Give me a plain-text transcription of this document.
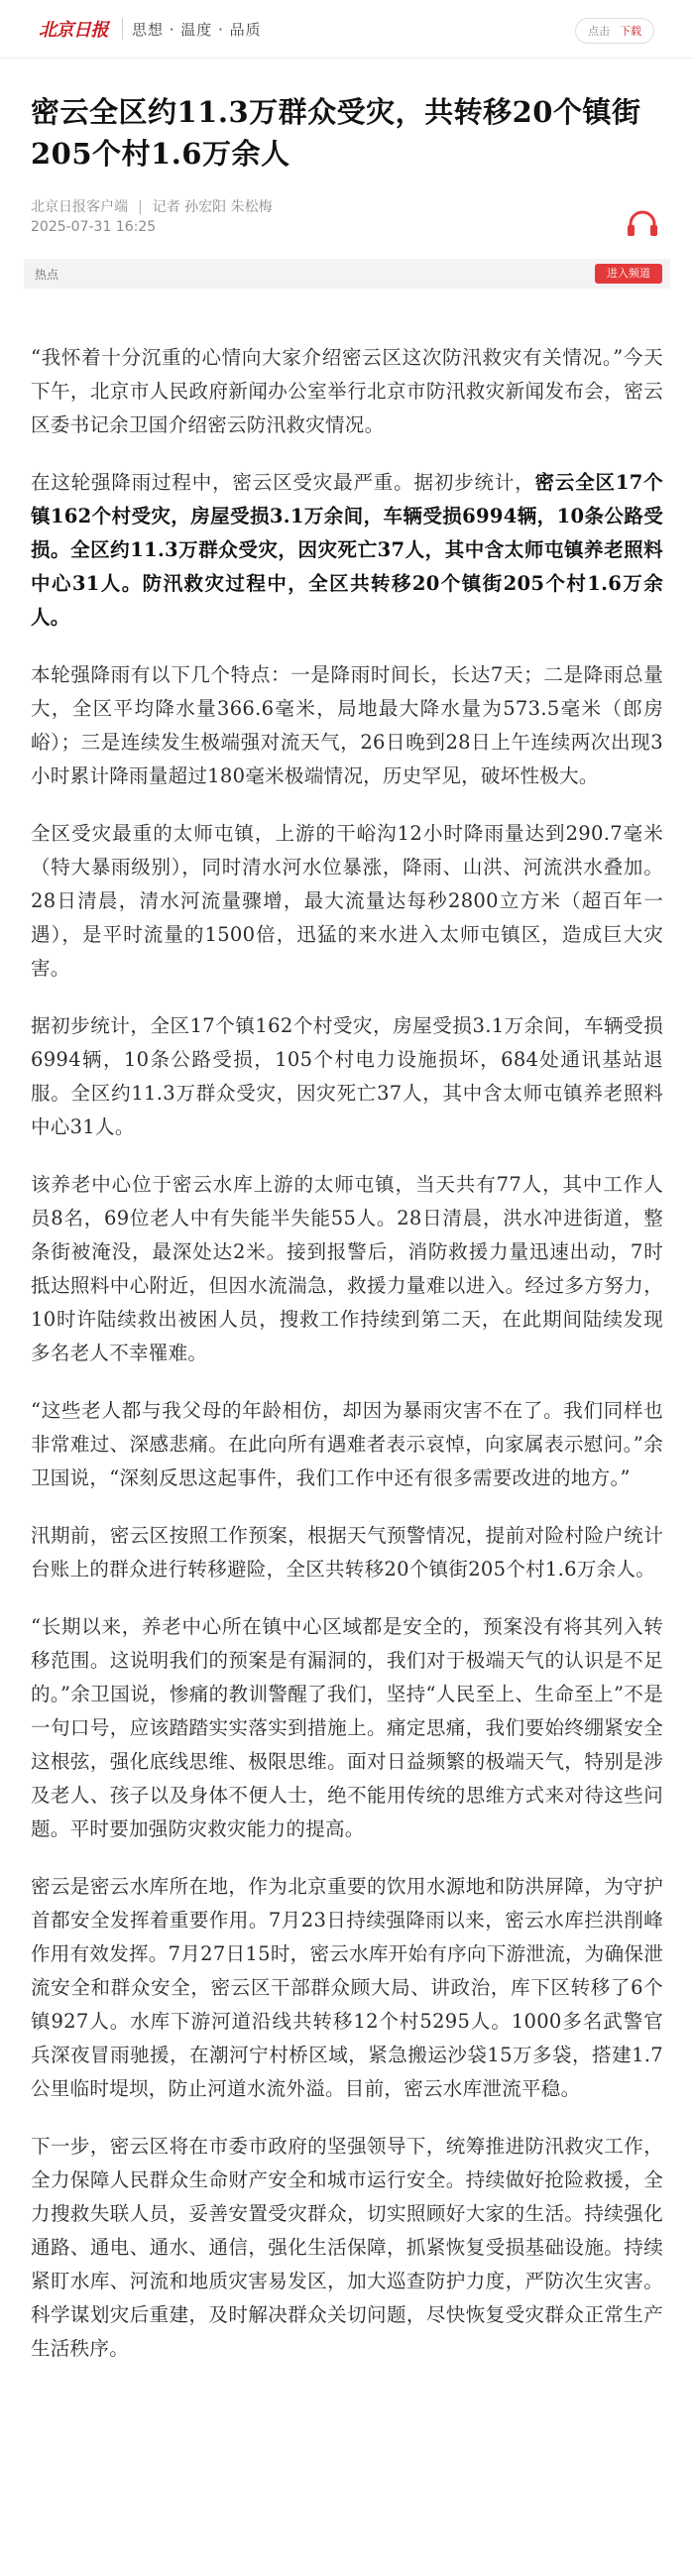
北京日报 思想 · 温度 · 品质	点击 下载
密云全区约11.3万群众受灾，共转移20个镇街205个村1.6万余人
北京日报客户端 | 记者 孙宏阳 朱松梅
2025-07-31 16:25
热点	进入频道

“我怀着十分沉重的心情向大家介绍密云区这次防汛救灾有关情况。”今天下午，北京市人民政府新闻办公室举行北京市防汛救灾新闻发布会，密云区委书记余卫国介绍密云防汛救灾情况。

在这轮强降雨过程中，密云区受灾最严重。据初步统计，密云全区17个镇162个村受灾，房屋受损3.1万余间，车辆受损6994辆，10条公路受损。全区约11.3万群众受灾，因灾死亡37人，其中含太师屯镇养老照料中心31人。防汛救灾过程中，全区共转移20个镇街205个村1.6万余人。

本轮强降雨有以下几个特点：一是降雨时间长，长达7天；二是降雨总量大，全区平均降水量366.6毫米，局地最大降水量为573.5毫米（郎房峪）；三是连续发生极端强对流天气，26日晚到28日上午连续两次出现3小时累计降雨量超过180毫米极端情况，历史罕见，破坏性极大。

全区受灾最重的太师屯镇，上游的干峪沟12小时降雨量达到290.7毫米（特大暴雨级别），同时清水河水位暴涨，降雨、山洪、河流洪水叠加。28日清晨，清水河流量骤增，最大流量达每秒2800立方米（超百年一遇），是平时流量的1500倍，迅猛的来水进入太师屯镇区，造成巨大灾害。

据初步统计，全区17个镇162个村受灾，房屋受损3.1万余间，车辆受损6994辆，10条公路受损，105个村电力设施损坏，684处通讯基站退服。全区约11.3万群众受灾，因灾死亡37人，其中含太师屯镇养老照料中心31人。

该养老中心位于密云水库上游的太师屯镇，当天共有77人，其中工作人员8名，69位老人中有失能半失能55人。28日清晨，洪水冲进街道，整条街被淹没，最深处达2米。接到报警后，消防救援力量迅速出动，7时抵达照料中心附近，但因水流湍急，救援力量难以进入。经过多方努力，10时许陆续救出被困人员，搜救工作持续到第二天，在此期间陆续发现多名老人不幸罹难。

“这些老人都与我父母的年龄相仿，却因为暴雨灾害不在了。我们同样也非常难过、深感悲痛。在此向所有遇难者表示哀悼，向家属表示慰问。”余卫国说，“深刻反思这起事件，我们工作中还有很多需要改进的地方。”

汛期前，密云区按照工作预案，根据天气预警情况，提前对险村险户统计台账上的群众进行转移避险，全区共转移20个镇街205个村1.6万余人。

“长期以来，养老中心所在镇中心区域都是安全的，预案没有将其列入转移范围。这说明我们的预案是有漏洞的，我们对于极端天气的认识是不足的。”余卫国说，惨痛的教训警醒了我们，坚持“人民至上、生命至上”不是一句口号，应该踏踏实实落实到措施上。痛定思痛，我们要始终绷紧安全这根弦，强化底线思维、极限思维。面对日益频繁的极端天气，特别是涉及老人、孩子以及身体不便人士，绝不能用传统的思维方式来对待这些问题。平时要加强防灾救灾能力的提高。

密云是密云水库所在地，作为北京重要的饮用水源地和防洪屏障，为守护首都安全发挥着重要作用。7月23日持续强降雨以来，密云水库拦洪削峰作用有效发挥。7月27日15时，密云水库开始有序向下游泄流，为确保泄流安全和群众安全，密云区干部群众顾大局、讲政治，库下区转移了6个镇927人。水库下游河道沿线共转移12个村5295人。1000多名武警官兵深夜冒雨驰援，在潮河宁村桥区域，紧急搬运沙袋15万多袋，搭建1.7公里临时堤坝，防止河道水流外溢。目前，密云水库泄流平稳。

下一步，密云区将在市委市政府的坚强领导下，统筹推进防汛救灾工作，全力保障人民群众生命财产安全和城市运行安全。持续做好抢险救援，全力搜救失联人员，妥善安置受灾群众，切实照顾好大家的生活。持续强化通路、通电、通水、通信，强化生活保障，抓紧恢复受损基础设施。持续紧盯水库、河流和地质灾害易发区，加大巡查防护力度，严防次生灾害。科学谋划灾后重建，及时解决群众关切问题，尽快恢复受灾群众正常生产生活秩序。
